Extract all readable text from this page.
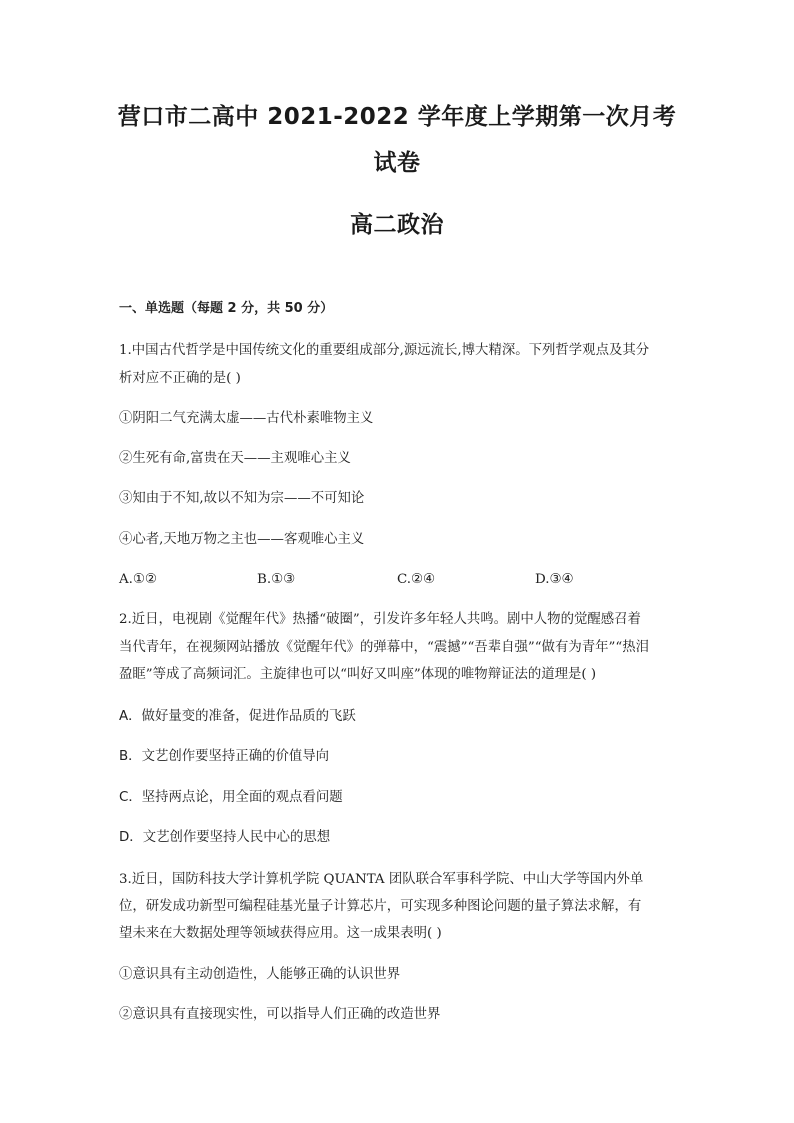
营口市二高中 2021-2022 学年度上学期第一次月考
试卷
高二政治
一、单选题（每题 2 分，共 50 分）
1.中国古代哲学是中国传统文化的重要组成部分,源远流长,博大精深。下列哲学观点及其分
析对应不正确的是( )
①阴阳二气充满太虚——古代朴素唯物主义
②生死有命,富贵在天——主观唯心主义
③知由于不知,故以不知为宗——不可知论
④心者,天地万物之主也——客观唯心主义
A.①②	B.①③	C.②④	D.③④
2.近日，电视剧《觉醒年代》热播“破圈”，引发许多年轻人共鸣。剧中人物的觉醒感召着
当代青年，在视频网站播放《觉醒年代》的弹幕中，“震撼”“吾辈自强”“做有为青年”“热泪
盈眶”等成了高频词汇。主旋律也可以“叫好又叫座”体现的唯物辩证法的道理是( )
A．做好量变的准备，促进作品质的飞跃
B．文艺创作要坚持正确的价值导向
C．坚持两点论，用全面的观点看问题
D．文艺创作要坚持人民中心的思想
3.近日，国防科技大学计算机学院 QUANTA 团队联合军事科学院、中山大学等国内外单
位，研发成功新型可编程硅基光量子计算芯片，可实现多种图论问题的量子算法求解，有
望未来在大数据处理等领域获得应用。这一成果表明( )
①意识具有主动创造性，人能够正确的认识世界
②意识具有直接现实性，可以指导人们正确的改造世界
